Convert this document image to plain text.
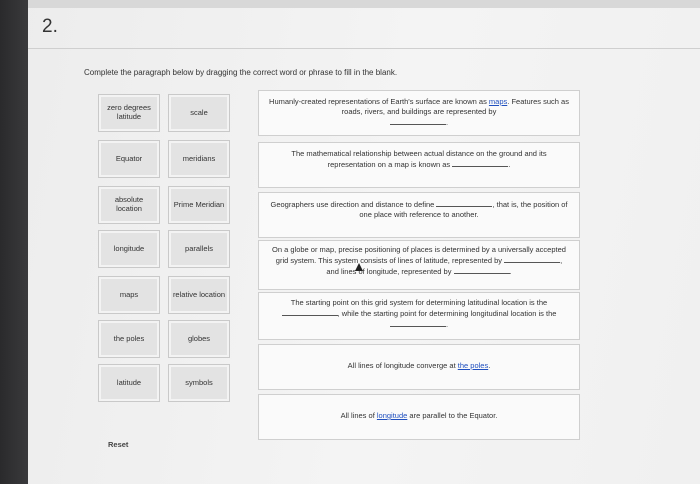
2.
Complete the paragraph below by dragging the correct word or phrase to fill in the blank.
zero degrees latitude	scale
Equator	meridians
absolute location	Prime Meridian
longitude	parallels
maps	relative location
the poles	globes
latitude	symbols
Humanly-created representations of Earth's surface are known as maps. Features such as roads, rivers, and buildings are represented by
.
The mathematical relationship between actual distance on the ground and its representation on a map is known as	.
Geographers use direction and distance to define	, that is, the position of one place with reference to another.
On a globe or map, precise positioning of places is determined by a universally accepted grid system. This system consists of lines of latitude, represented by	, and lines of longitude, represented by	.
The starting point on this grid system for determining latitudinal location is the , while the starting point for determining longitudinal location is the .
All lines of longitude converge at the poles.
All lines of longitude are parallel to the Equator.
Reset
